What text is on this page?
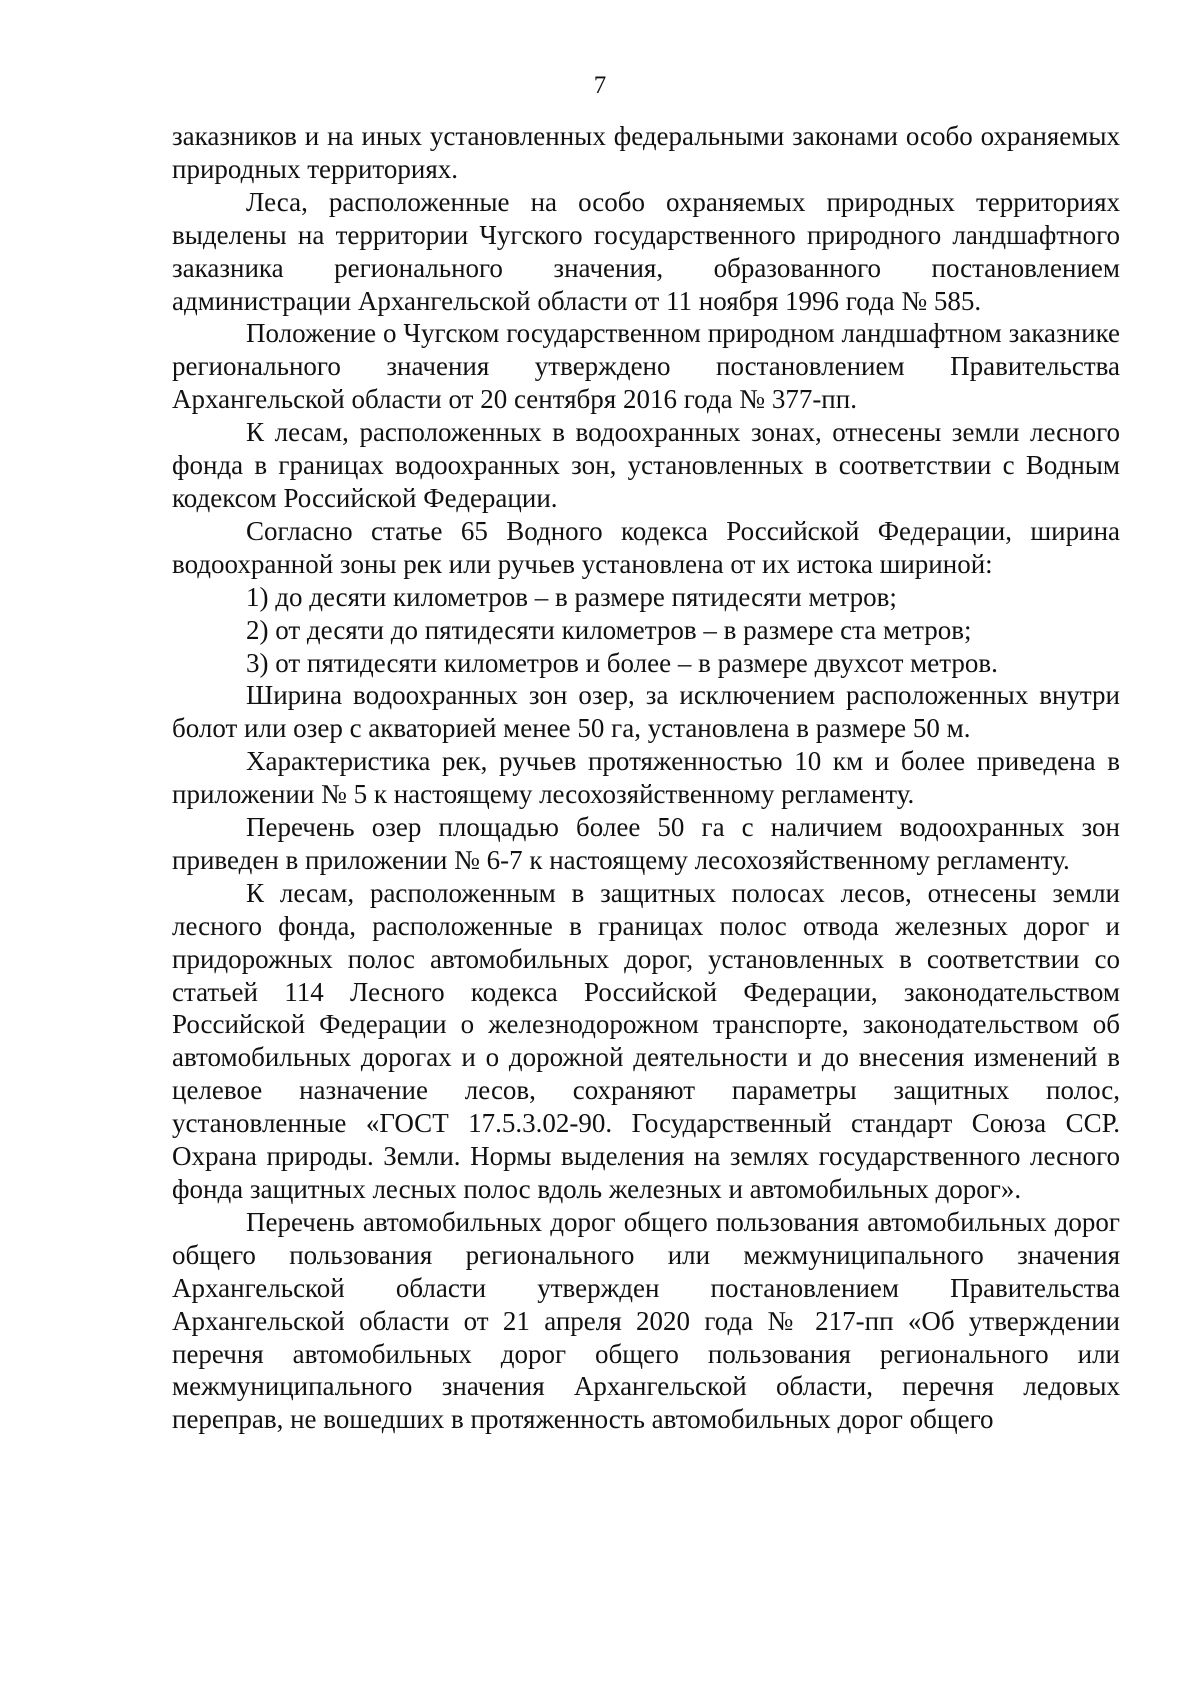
7

заказников и на иных установленных федеральными законами особо охраняемых природных территориях.

Леса, расположенные на особо охраняемых природных территориях выделены на территории Чугского государственного природного ландшафтного заказника регионального значения, образованного постановлением администрации Архангельской области от 11 ноября 1996 года № 585.

Положение о Чугском государственном природном ландшафтном заказнике регионального значения утверждено постановлением Правительства Архангельской области от 20 сентября 2016 года № 377-пп.

К лесам, расположенных в водоохранных зонах, отнесены земли лесного фонда в границах водоохранных зон, установленных в соответствии с Водным кодексом Российской Федерации.

Согласно статье 65 Водного кодекса Российской Федерации, ширина водоохранной зоны рек или ручьев установлена от их истока шириной:

1) до десяти километров – в размере пятидесяти метров;

2) от десяти до пятидесяти километров – в размере ста метров;

3) от пятидесяти километров и более – в размере двухсот метров.

Ширина водоохранных зон озер, за исключением расположенных внутри болот или озер с акваторией менее 50 га, установлена в размере 50 м.

Характеристика рек, ручьев протяженностью 10 км и более приведена в приложении № 5 к настоящему лесохозяйственному регламенту.

Перечень озер площадью более 50 га с наличием водоохранных зон приведен в приложении № 6-7 к настоящему лесохозяйственному регламенту.

К лесам, расположенным в защитных полосах лесов, отнесены земли лесного фонда, расположенные в границах полос отвода железных дорог и придорожных полос автомобильных дорог, установленных в соответствии со статьей 114 Лесного кодекса Российской Федерации, законодательством Российской Федерации о железнодорожном транспорте, законодательством об автомобильных дорогах и о дорожной деятельности и до внесения изменений в целевое назначение лесов, сохраняют параметры защитных полос, установленные «ГОСТ 17.5.3.02-90. Государственный стандарт Союза ССР. Охрана природы. Земли. Нормы выделения на землях государственного лесного фонда защитных лесных полос вдоль железных и автомобильных дорог».

Перечень автомобильных дорог общего пользования автомобильных дорог общего пользования регионального или межмуниципального значения Архангельской области утвержден постановлением Правительства Архангельской области от 21 апреля 2020 года № 217-пп «Об утверждении перечня автомобильных дорог общего пользования регионального или межмуниципального значения Архангельской области, перечня ледовых переправ, не вошедших в протяженность автомобильных дорог общего
